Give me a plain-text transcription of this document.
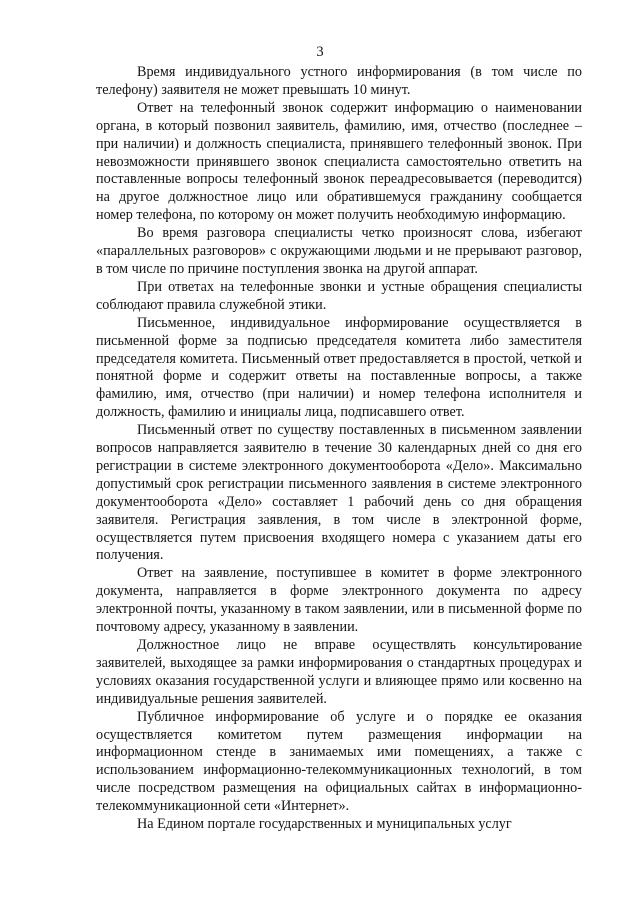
3

Время индивидуального устного информирования (в том числе по телефону) заявителя не может превышать 10 минут.

Ответ на телефонный звонок содержит информацию о наименовании органа, в который позвонил заявитель, фамилию, имя, отчество (последнее – при наличии) и должность специалиста, принявшего телефонный звонок. При невозможности принявшего звонок специалиста самостоятельно ответить на поставленные вопросы телефонный звонок переадресовывается (переводится) на другое должностное лицо или обратившемуся гражданину сообщается номер телефона, по которому он может получить необходимую информацию.

Во время разговора специалисты четко произносят слова, избегают «параллельных разговоров» с окружающими людьми и не прерывают разговор, в том числе по причине поступления звонка на другой аппарат.

При ответах на телефонные звонки и устные обращения специалисты соблюдают правила служебной этики.

Письменное, индивидуальное информирование осуществляется в письменной форме за подписью председателя комитета либо заместителя председателя комитета. Письменный ответ предоставляется в простой, четкой и понятной форме и содержит ответы на поставленные вопросы, а также фамилию, имя, отчество (при наличии) и номер телефона исполнителя и должность, фамилию и инициалы лица, подписавшего ответ.

Письменный ответ по существу поставленных в письменном заявлении вопросов направляется заявителю в течение 30 календарных дней со дня его регистрации в системе электронного документооборота «Дело». Максимально допустимый срок регистрации письменного заявления в системе электронного документооборота «Дело» составляет 1 рабочий день со дня обращения заявителя. Регистрация заявления, в том числе в электронной форме, осуществляется путем присвоения входящего номера с указанием даты его получения.

Ответ на заявление, поступившее в комитет в форме электронного документа, направляется в форме электронного документа по адресу электронной почты, указанному в таком заявлении, или в письменной форме по почтовому адресу, указанному в заявлении.

Должностное лицо не вправе осуществлять консультирование заявителей, выходящее за рамки информирования о стандартных процедурах и условиях оказания государственной услуги и влияющее прямо или косвенно на индивидуальные решения заявителей.

Публичное информирование об услуге и о порядке ее оказания осуществляется комитетом путем размещения информации на информационном стенде в занимаемых ими помещениях, а также с использованием информационно-телекоммуникационных технологий, в том числе посредством размещения на официальных сайтах в информационно-телекоммуникационной сети «Интернет».

На Едином портале государственных и муниципальных услуг
